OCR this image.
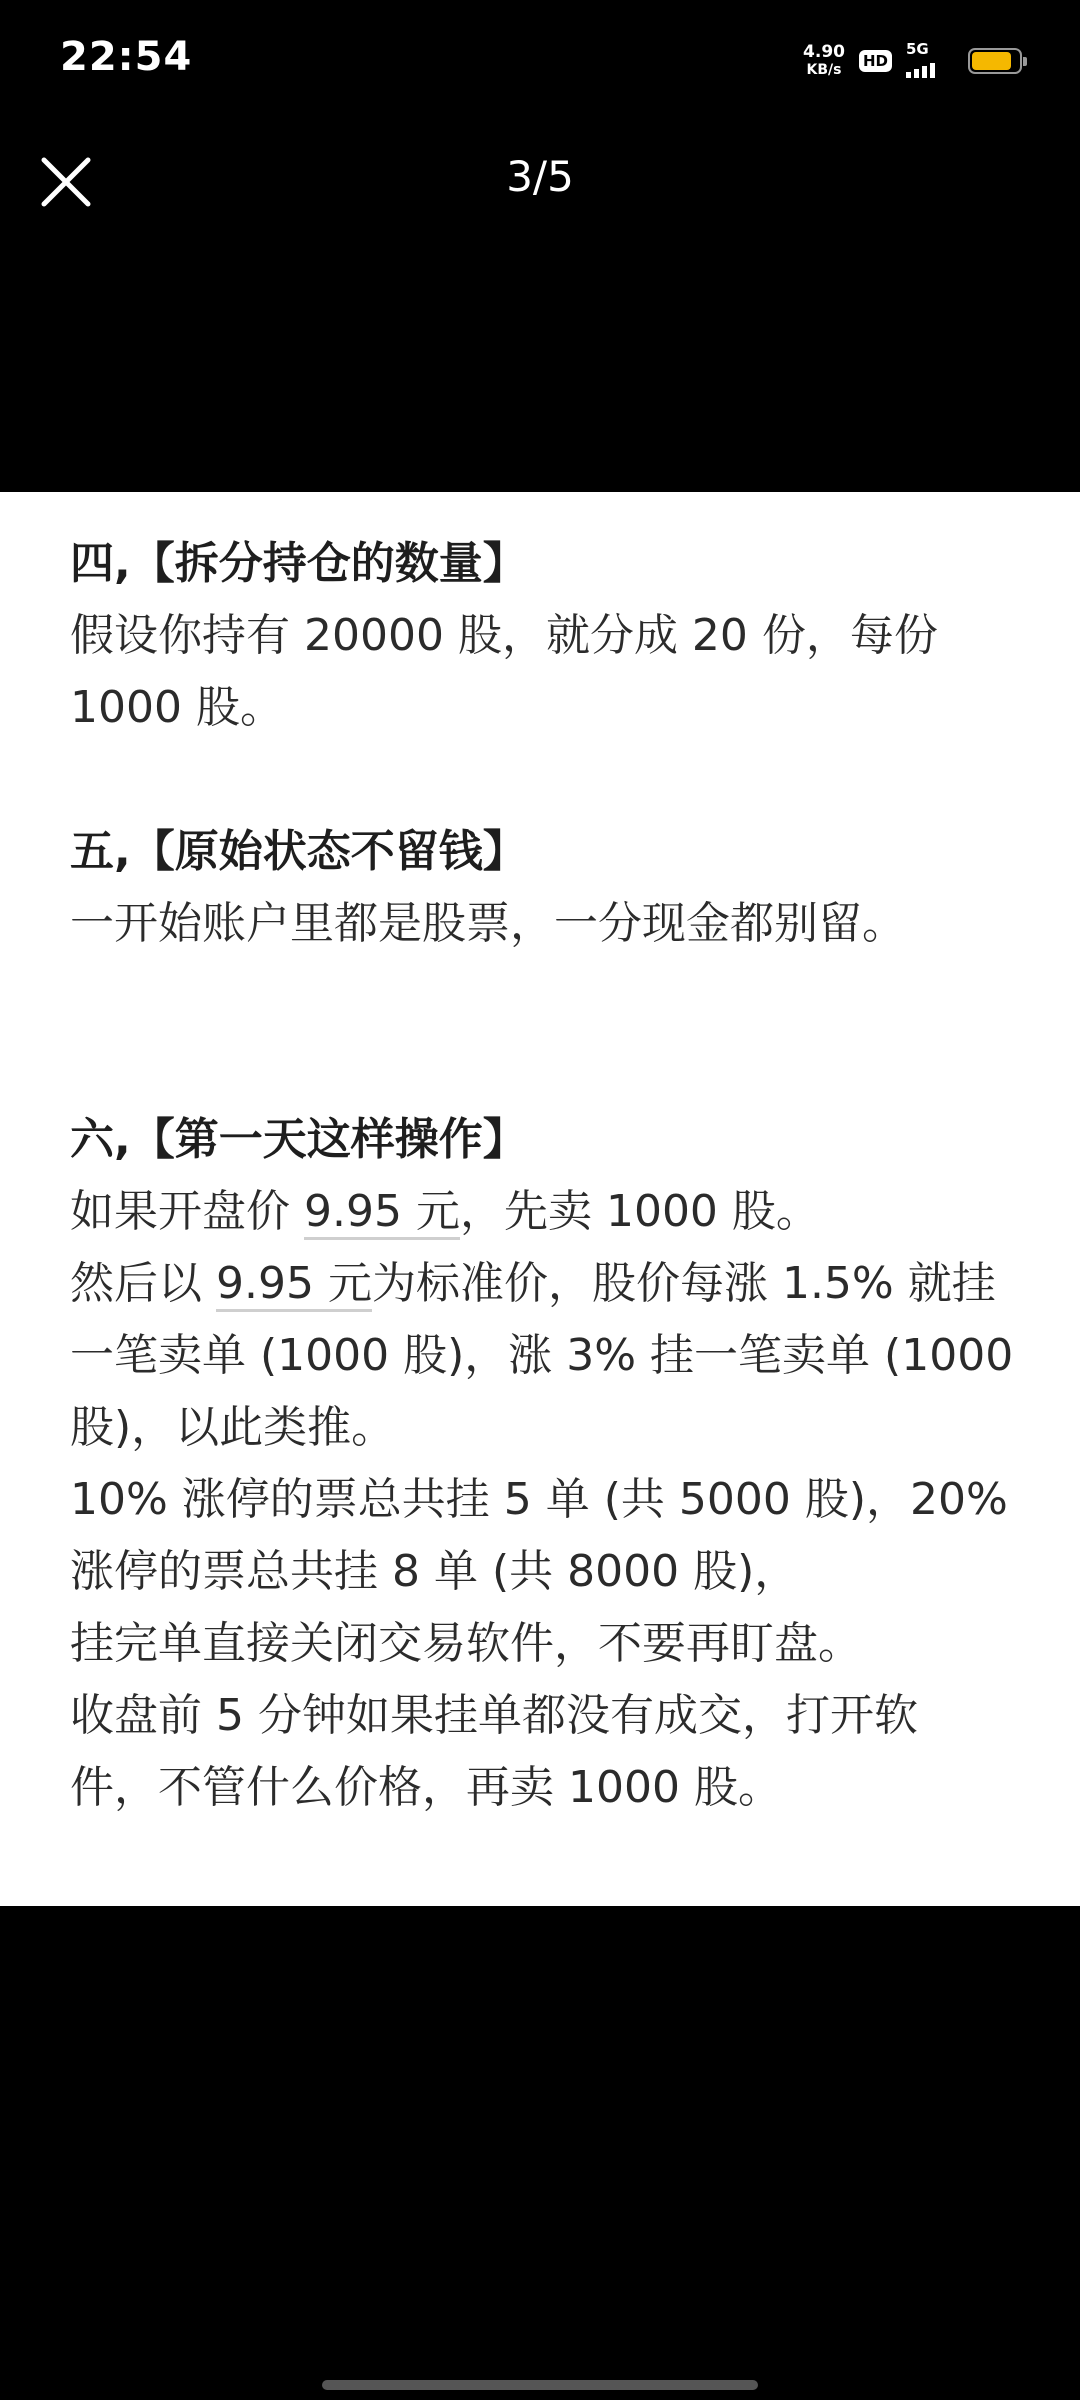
22:54	4.90
KB/s HD
5G
3/5
四,【拆分持仓的数量】
假设你持有 20000 股，就分成 20 份，每份
1000 股。
五,【原始状态不留钱】
一开始账户里都是股票，一分现金都别留。
六,【第一天这样操作】
如果开盘价 9.95 元，先卖 1000 股。
然后以 9.95 元为标准价，股价每涨 1.5% 就挂
一笔卖单 (1000 股)，涨 3% 挂一笔卖单 (1000
股)，以此类推。
10% 涨停的票总共挂 5 单 (共 5000 股)，20%
涨停的票总共挂 8 单 (共 8000 股)，
挂完单直接关闭交易软件，不要再盯盘。
收盘前 5 分钟如果挂单都没有成交，打开软
件，不管什么价格，再卖 1000 股。
